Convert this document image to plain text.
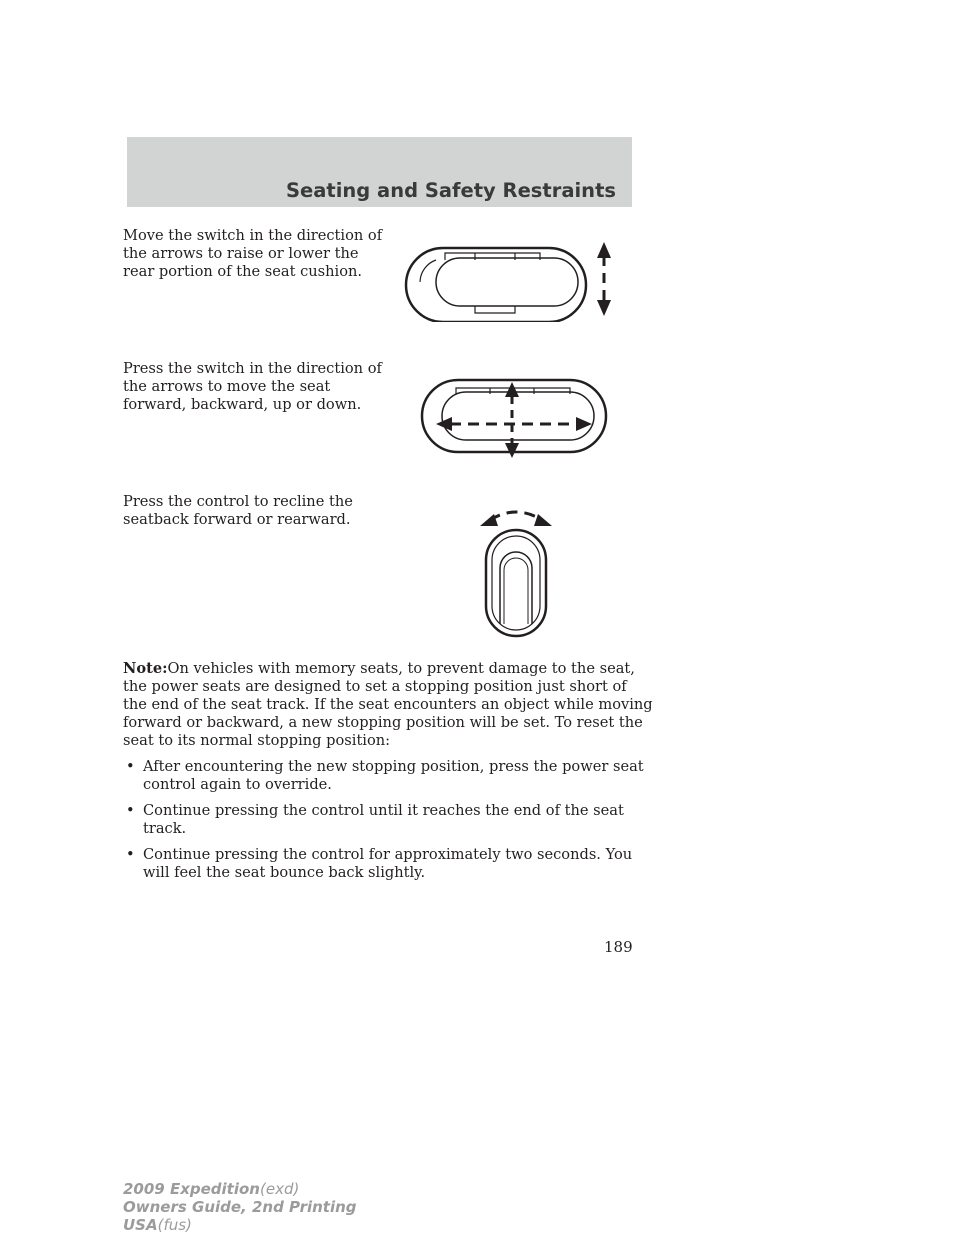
Seating and Safety Restraints

Move the switch in the direction of the arrows to raise or lower the rear portion of the seat cushion.

Press the switch in the direction of the arrows to move the seat forward, backward, up or down.

Press the control to recline the seatback forward or rearward.

Note:On vehicles with memory seats, to prevent damage to the seat, the power seats are designed to set a stopping position just short of the end of the seat track. If the seat encounters an object while moving forward or backward, a new stopping position will be set. To reset the seat to its normal stopping position:

• After encountering the new stopping position, press the power seat control again to override.
• Continue pressing the control until it reaches the end of the seat track.
• Continue pressing the control for approximately two seconds. You will feel the seat bounce back slightly.
189
2009 Expedition(exd)
Owners Guide, 2nd Printing
USA(fus)
